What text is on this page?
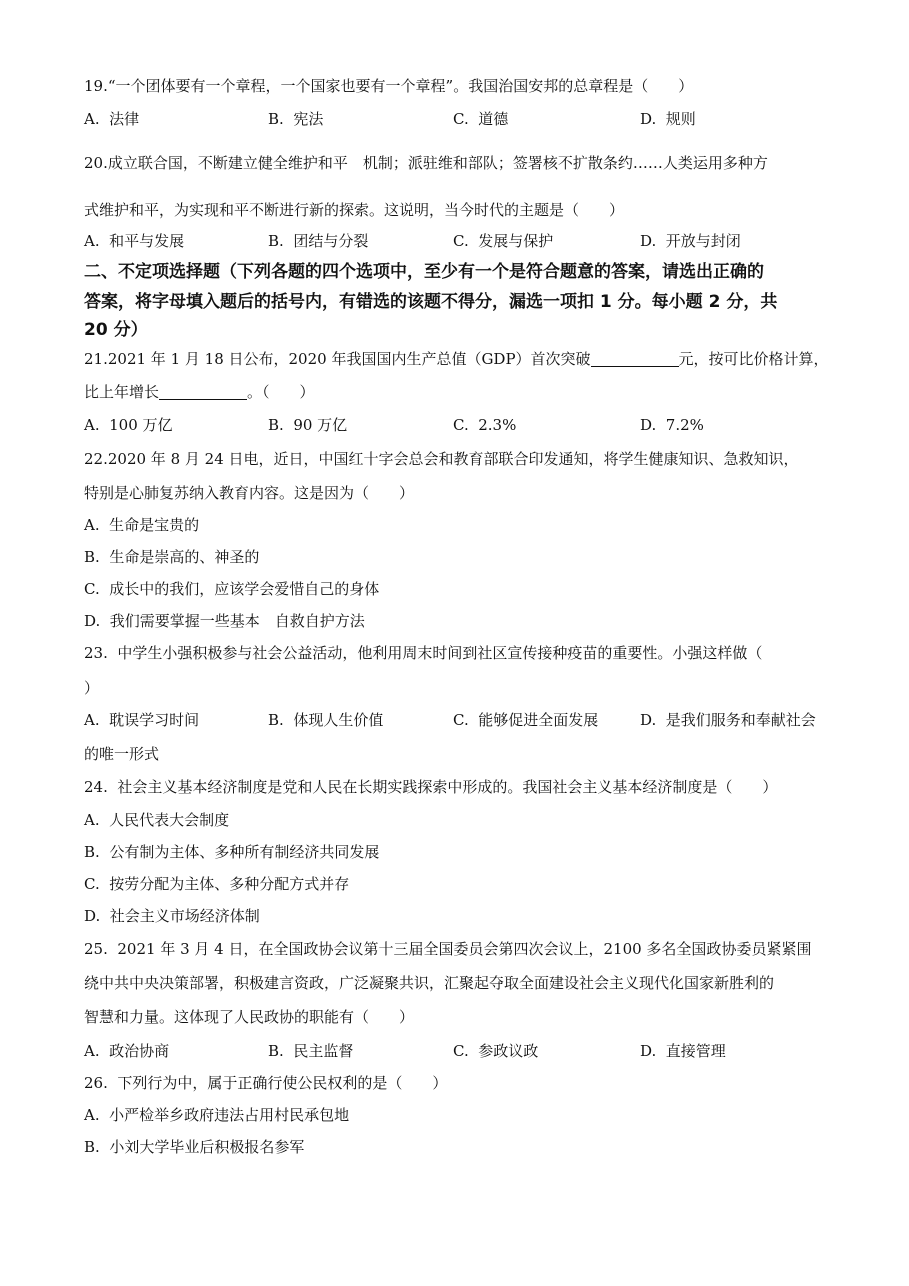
19.“一个团体要有一个章程，一个国家也要有一个章程”。我国治国安邦的总章程是（　　）
A.  法律	B.  宪法	C.  道德	D.  规则
20.成立联合国，不断建立健全维护和平　机制；派驻维和部队；签署核不扩散条约……人类运用多种方
式维护和平，为实现和平不断进行新的探索。这说明，当今时代的主题是（　　）
A.  和平与发展	B.  团结与分裂	C.  发展与保护	D.  开放与封闭
二、不定项选择题（下列各题的四个选项中，至少有一个是符合题意的答案，请选出正确的
答案，将字母填入题后的括号内，有错选的该题不得分，漏选一项扣 1 分。每小题 2 分，共
20 分）
21.2021 年 1 月 18 日公布，2020 年我国国内生产总值（GDP）首次突破	元，按可比价格计算，
比上年增长	。（　　）
A.  100 万亿	B.  90 万亿	C.  2.3%	D.  7.2%
22.2020 年 8 月 24 日电，近日，中国红十字会总会和教育部联合印发通知，将学生健康知识、急救知识，
特别是心肺复苏纳入教育内容。这是因为（　　）
A.  生命是宝贵的
B.  生命是崇高的、神圣的
C.  成长中的我们，应该学会爱惜自己的身体
D.  我们需要掌握一些基本　自救自护方法
23.  中学生小强积极参与社会公益活动，他利用周末时间到社区宣传接种疫苗的重要性。小强这样做（
）
A.  耽误学习时间	B.  体现人生价值	C.  能够促进全面发展	D.  是我们服务和奉献社会
的唯一形式
24.  社会主义基本经济制度是党和人民在长期实践探索中形成的。我国社会主义基本经济制度是（　　）
A.  人民代表大会制度
B.  公有制为主体、多种所有制经济共同发展
C.  按劳分配为主体、多种分配方式并存
D.  社会主义市场经济体制
25.  2021 年 3 月 4 日，在全国政协会议第十三届全国委员会第四次会议上，2100 多名全国政协委员紧紧围
绕中共中央决策部署，积极建言资政，广泛凝聚共识，汇聚起夺取全面建设社会主义现代化国家新胜利的
智慧和力量。这体现了人民政协的职能有（　　）
A.  政治协商	B.  民主监督	C.  参政议政	D.  直接管理
26.  下列行为中，属于正确行使公民权利的是（　　）
A.  小严检举乡政府违法占用村民承包地
B.  小刘大学毕业后积极报名参军
